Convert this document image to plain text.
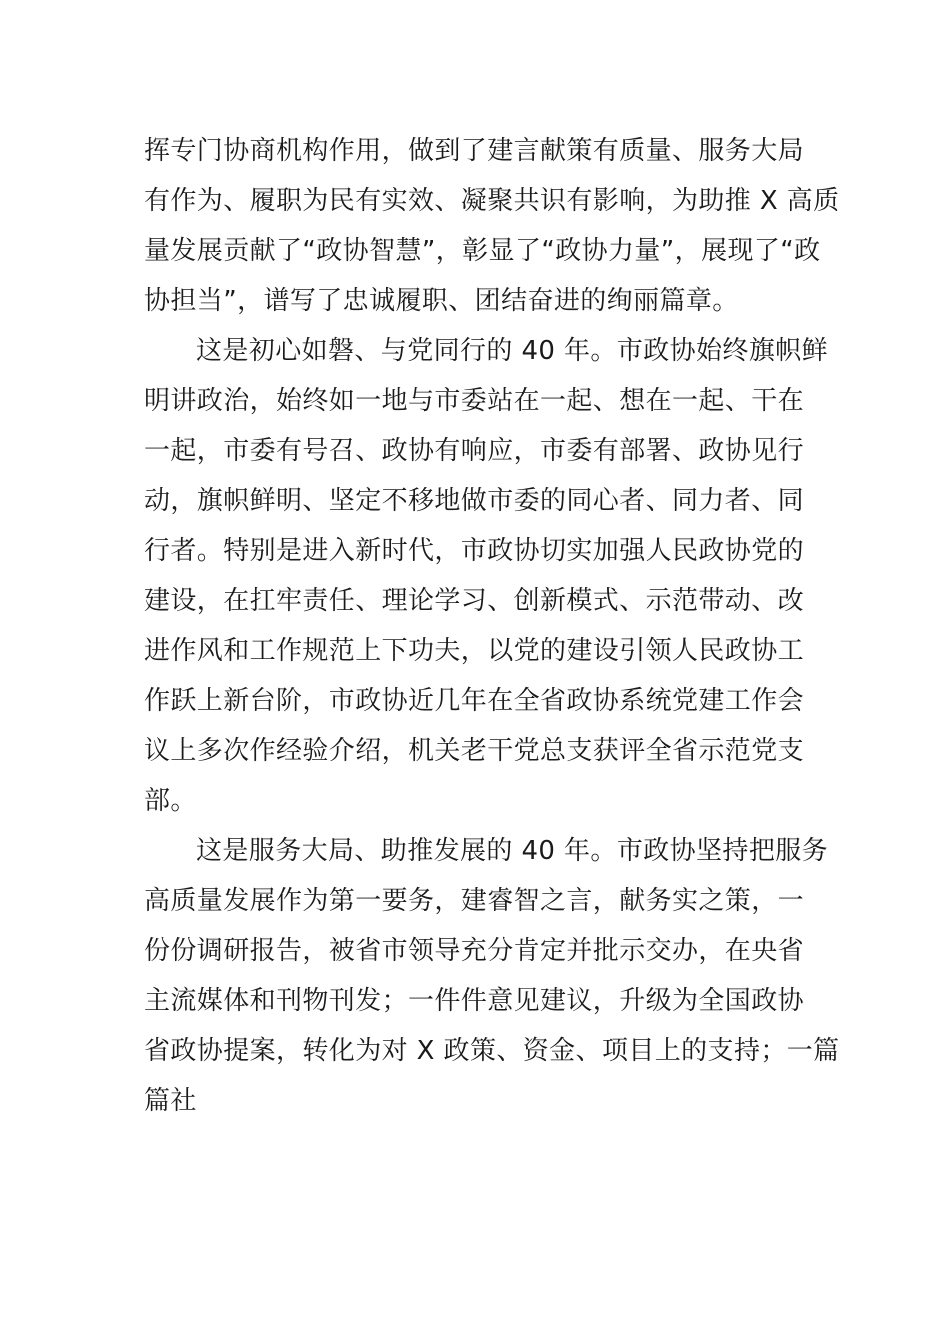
挥专门协商机构作用，做到了建言献策有质量、服务大局
有作为、履职为民有实效、凝聚共识有影响，为助推 X 高质
量发展贡献了“政协智慧”，彰显了“政协力量”，展现了“政
协担当”，谱写了忠诚履职、团结奋进的绚丽篇章。
这是初心如磐、与党同行的 40 年。市政协始终旗帜鲜
明讲政治，始终如一地与市委站在一起、想在一起、干在
一起，市委有号召、政协有响应，市委有部署、政协见行
动，旗帜鲜明、坚定不移地做市委的同心者、同力者、同
行者。特别是进入新时代，市政协切实加强人民政协党的
建设，在扛牢责任、理论学习、创新模式、示范带动、改
进作风和工作规范上下功夫，以党的建设引领人民政协工
作跃上新台阶，市政协近几年在全省政协系统党建工作会
议上多次作经验介绍，机关老干党总支获评全省示范党支
部。
这是服务大局、助推发展的 40 年。市政协坚持把服务
高质量发展作为第一要务，建睿智之言，献务实之策，一
份份调研报告，被省市领导充分肯定并批示交办，在央省
主流媒体和刊物刊发；一件件意见建议，升级为全国政协
省政协提案，转化为对 X 政策、资金、项目上的支持；一篇
篇社
